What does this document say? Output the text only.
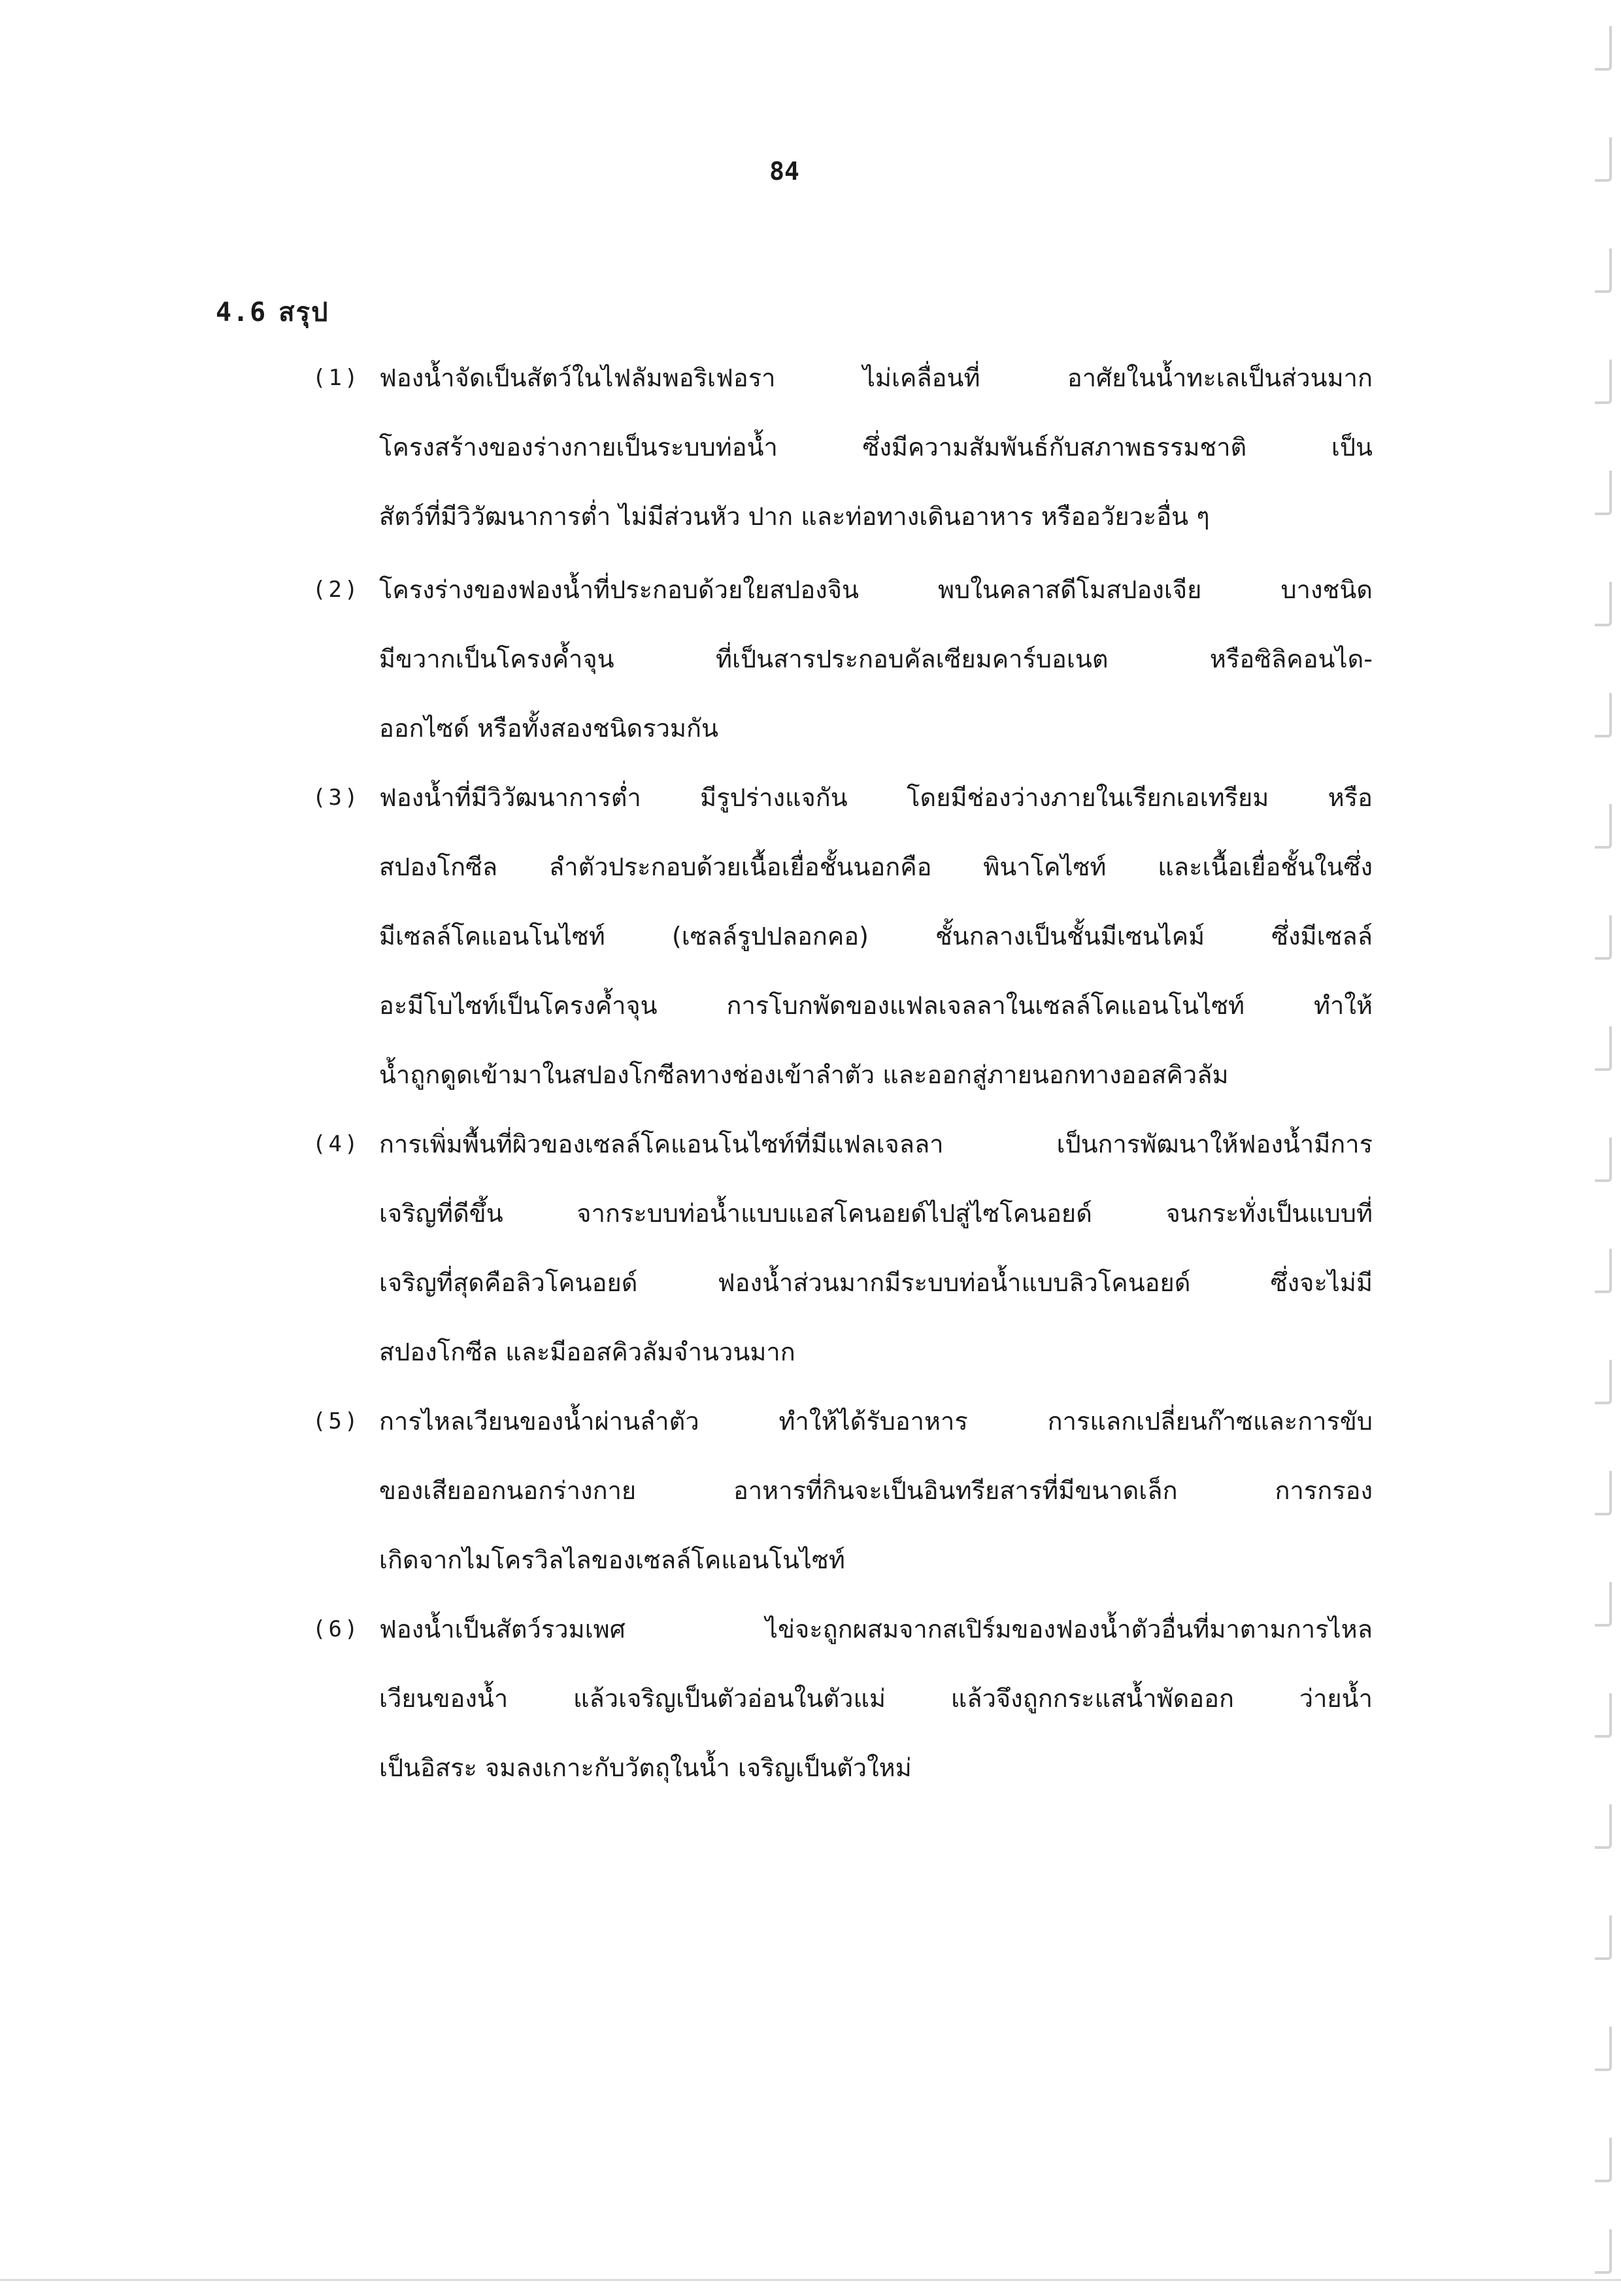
84
4.6 สรุป
(1) ฟองน้ำจัดเป็นสัตว์ในไฟลัมพอริเฟอรา ไม่เคลื่อนที่ อาศัยในน้ำทะเลเป็นส่วนมาก
โครงสร้างของร่างกายเป็นระบบท่อน้ำ ซึ่งมีความสัมพันธ์กับสภาพธรรมชาติ เป็น
สัตว์ที่มีวิวัฒนาการต่ำ ไม่มีส่วนหัว ปาก และท่อทางเดินอาหาร หรืออวัยวะอื่น ๆ
(2) โครงร่างของฟองน้ำที่ประกอบด้วยใยสปองจิน พบในคลาสดีโมสปองเจีย บางชนิด
มีขวากเป็นโครงค้ำจุน ที่เป็นสารประกอบคัลเซียมคาร์บอเนต หรือซิลิคอนได-
ออกไซด์ หรือทั้งสองชนิดรวมกัน
(3) ฟองน้ำที่มีวิวัฒนาการต่ำ มีรูปร่างแจกัน โดยมีช่องว่างภายในเรียกเอเทรียม หรือ
สปองโกซีล ลำตัวประกอบด้วยเนื้อเยื่อชั้นนอกคือ พินาโคไซท์ และเนื้อเยื่อชั้นในซึ่ง
มีเซลล์โคแอนโนไซท์ (เซลล์รูปปลอกคอ) ชั้นกลางเป็นชั้นมีเซนไคม์ ซึ่งมีเซลล์
อะมีโบไซท์เป็นโครงค้ำจุน การโบกพัดของแฟลเจลลาในเซลล์โคแอนโนไซท์ ทำให้
น้ำถูกดูดเข้ามาในสปองโกซีลทางช่องเข้าลำตัว และออกสู่ภายนอกทางออสคิวลัม
(4) การเพิ่มพื้นที่ผิวของเซลล์โคแอนโนไซท์ที่มีแฟลเจลลา เป็นการพัฒนาให้ฟองน้ำมีการ
เจริญที่ดีขึ้น จากระบบท่อน้ำแบบแอสโคนอยด์ไปสู่ไซโคนอยด์ จนกระทั่งเป็นแบบที่
เจริญที่สุดคือลิวโคนอยด์ ฟองน้ำส่วนมากมีระบบท่อน้ำแบบลิวโคนอยด์ ซึ่งจะไม่มี
สปองโกซีล และมีออสคิวลัมจำนวนมาก
(5) การไหลเวียนของน้ำผ่านลำตัว ทำให้ได้รับอาหาร การแลกเปลี่ยนก๊าซและการขับ
ของเสียออกนอกร่างกาย อาหารที่กินจะเป็นอินทรียสารที่มีขนาดเล็ก การกรอง
เกิดจากไมโครวิลไลของเซลล์โคแอนโนไซท์
(6) ฟองน้ำเป็นสัตว์รวมเพศ ไข่จะถูกผสมจากสเปิร์มของฟองน้ำตัวอื่นที่มาตามการไหล
เวียนของน้ำ แล้วเจริญเป็นตัวอ่อนในตัวแม่ แล้วจึงถูกกระแสน้ำพัดออก ว่ายน้ำ
เป็นอิสระ จมลงเกาะกับวัตถุในน้ำ เจริญเป็นตัวใหม่
